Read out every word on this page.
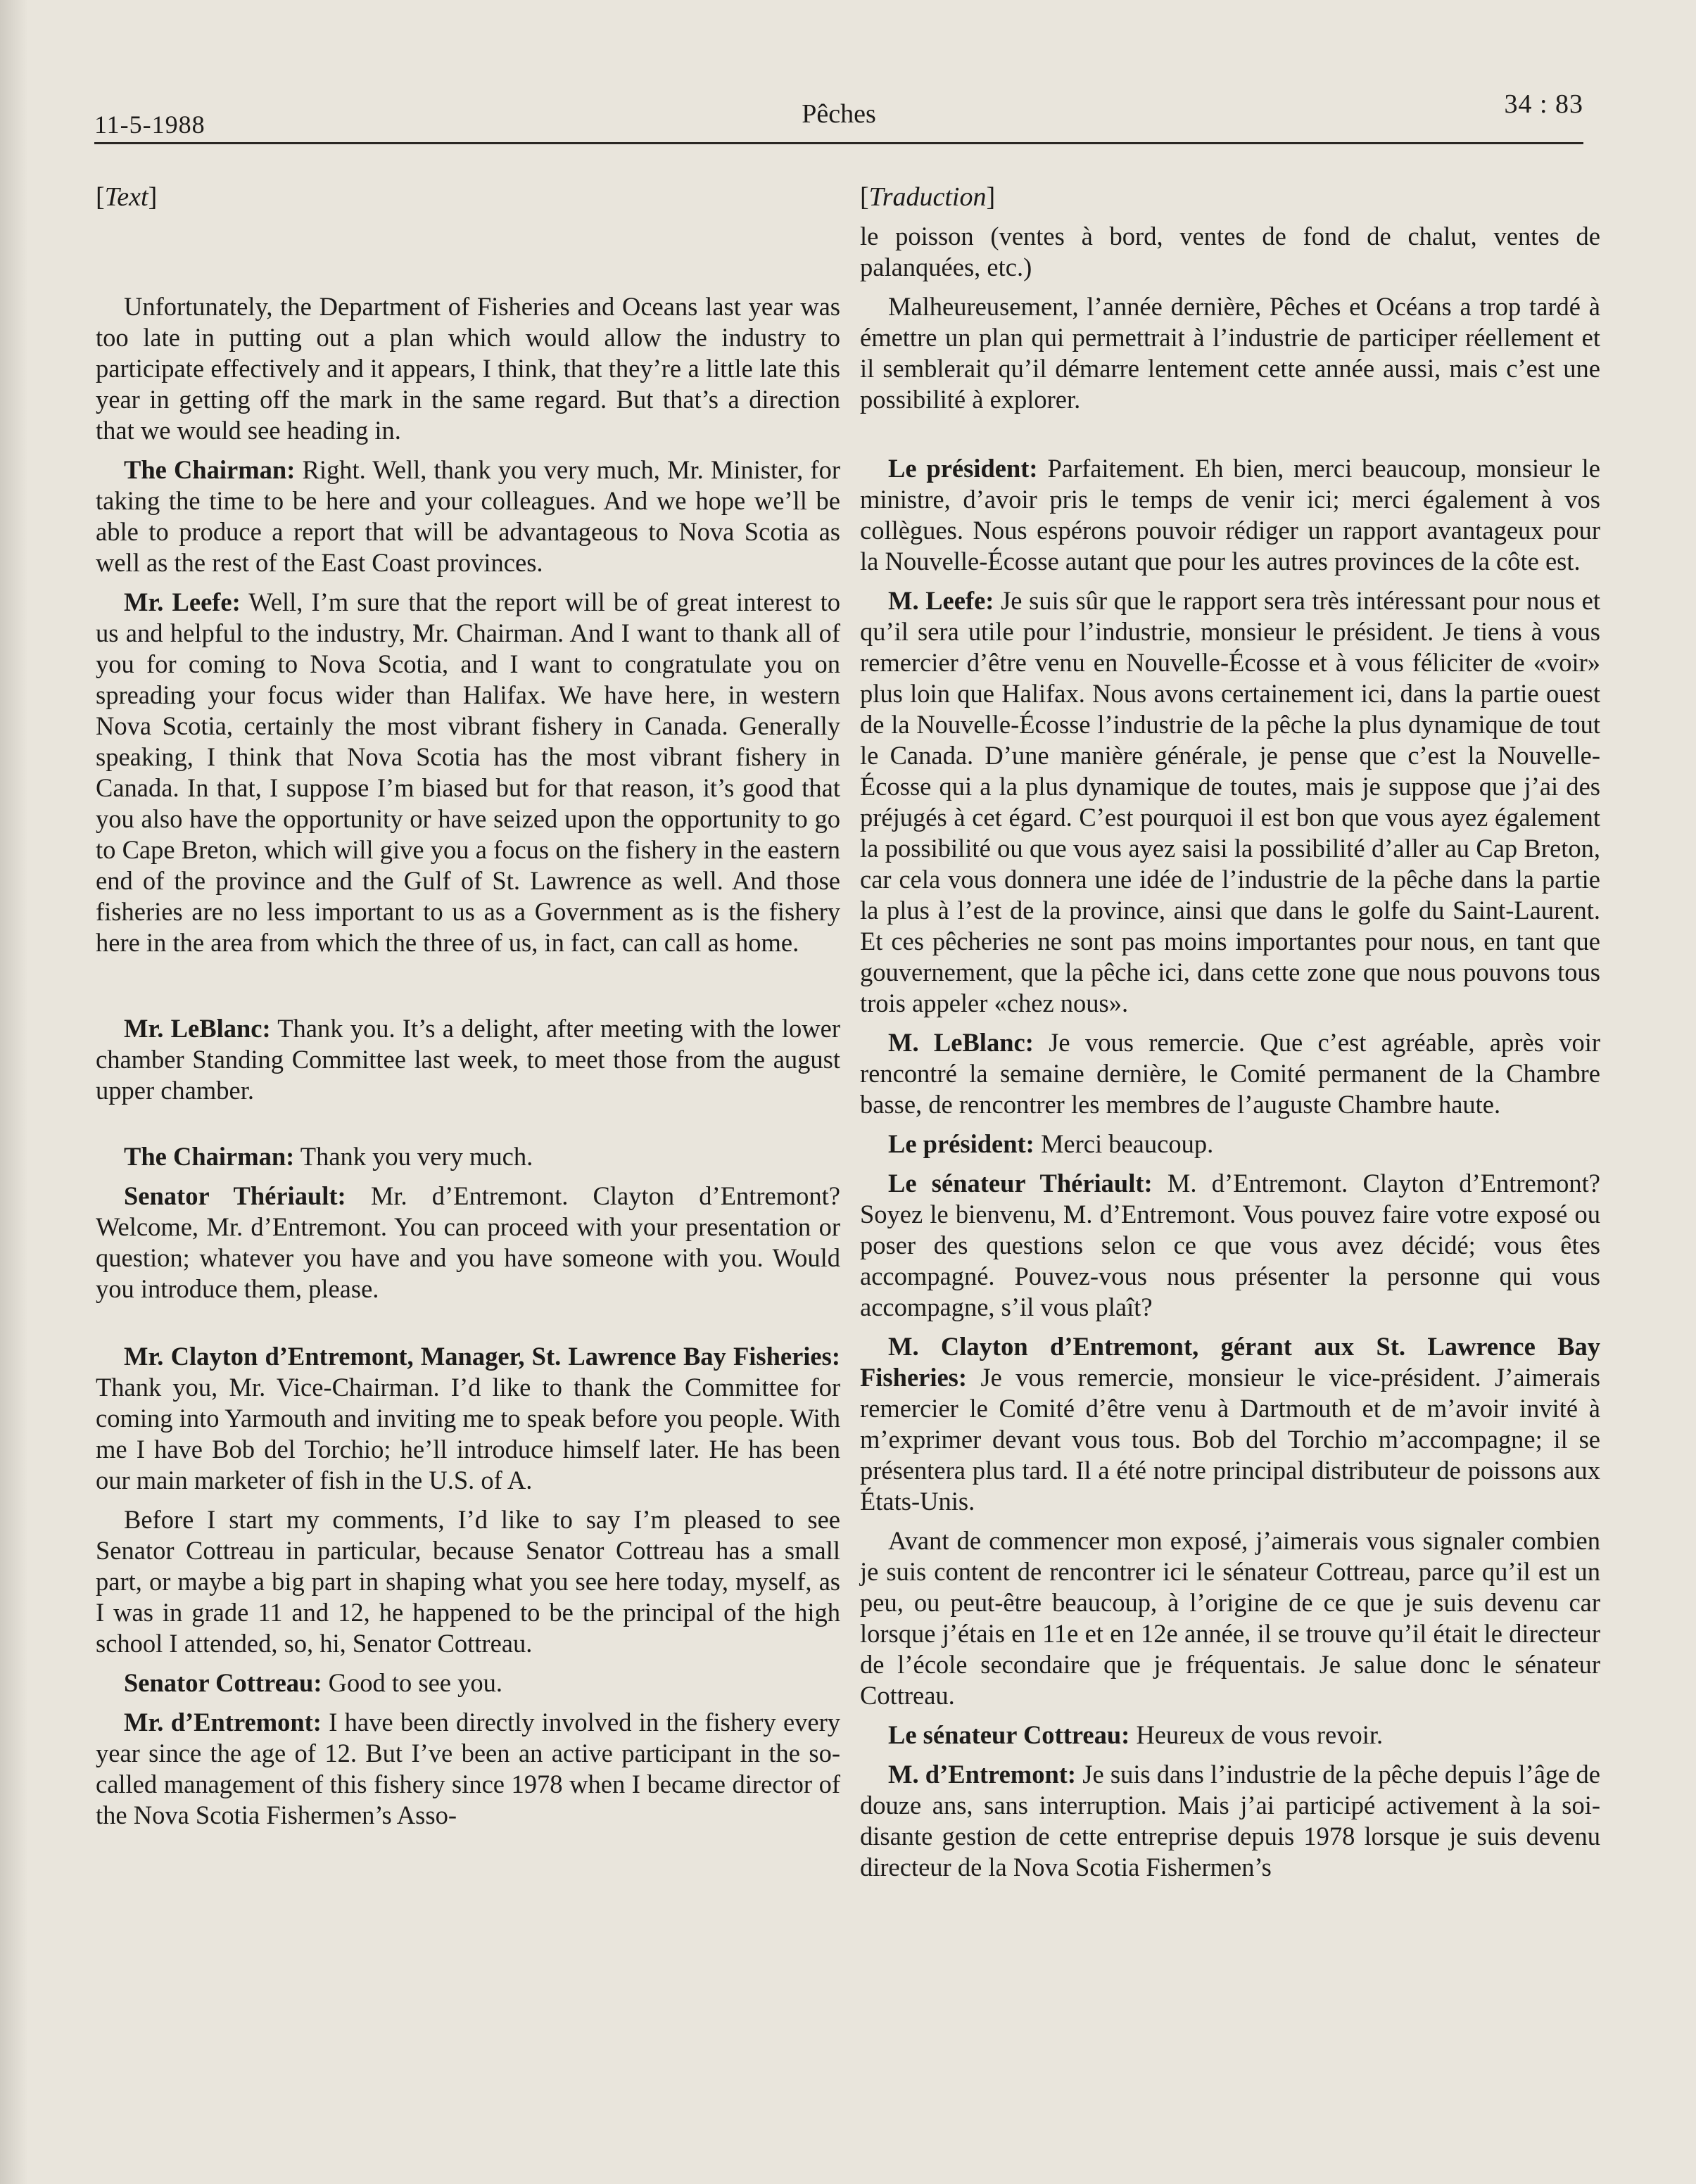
11-5-1988	Pêches	34 : 83

[Text]

Unfortunately, the Department of Fisheries and Oceans last year was too late in putting out a plan which would allow the industry to participate effectively and it appears, I think, that they’re a little late this year in getting off the mark in the same regard. But that’s a direction that we would see heading in.

The Chairman: Right. Well, thank you very much, Mr. Minister, for taking the time to be here and your colleagues. And we hope we’ll be able to produce a report that will be advantageous to Nova Scotia as well as the rest of the East Coast provinces.

Mr. Leefe: Well, I’m sure that the report will be of great interest to us and helpful to the industry, Mr. Chairman. And I want to thank all of you for coming to Nova Scotia, and I want to congratulate you on spreading your focus wider than Halifax. We have here, in western Nova Scotia, certainly the most vibrant fishery in Canada. Generally speaking, I think that Nova Scotia has the most vibrant fishery in Canada. In that, I suppose I’m biased but for that reason, it’s good that you also have the opportunity or have seized upon the opportunity to go to Cape Breton, which will give you a focus on the fishery in the eastern end of the province and the Gulf of St. Lawrence as well. And those fisheries are no less important to us as a Government as is the fishery here in the area from which the three of us, in fact, can call as home.

Mr. LeBlanc: Thank you. It’s a delight, after meeting with the lower chamber Standing Committee last week, to meet those from the august upper chamber.

The Chairman: Thank you very much.

Senator Thériault: Mr. d’Entremont. Clayton d’Entremont? Welcome, Mr. d’Entremont. You can proceed with your presentation or question; whatever you have and you have someone with you. Would you introduce them, please.

Mr. Clayton d’Entremont, Manager, St. Lawrence Bay Fisheries: Thank you, Mr. Vice-Chairman. I’d like to thank the Committee for coming into Yarmouth and inviting me to speak before you people. With me I have Bob del Torchio; he’ll introduce himself later. He has been our main marketer of fish in the U.S. of A.

Before I start my comments, I’d like to say I’m pleased to see Senator Cottreau in particular, because Senator Cottreau has a small part, or maybe a big part in shaping what you see here today, myself, as I was in grade 11 and 12, he happened to be the principal of the high school I attended, so, hi, Senator Cottreau.

Senator Cottreau: Good to see you.

Mr. d’Entremont: I have been directly involved in the fishery every year since the age of 12. But I’ve been an active participant in the so-called management of this fishery since 1978 when I became director of the Nova Scotia Fishermen’s Asso-

[Traduction]

le poisson (ventes à bord, ventes de fond de chalut, ventes de palanquées, etc.)

Malheureusement, l’année dernière, Pêches et Océans a trop tardé à émettre un plan qui permettrait à l’industrie de participer réellement et il semblerait qu’il démarre lentement cette année aussi, mais c’est une possibilité à explorer.

Le président: Parfaitement. Eh bien, merci beaucoup, monsieur le ministre, d’avoir pris le temps de venir ici; merci également à vos collègues. Nous espérons pouvoir rédiger un rapport avantageux pour la Nouvelle-Écosse autant que pour les autres provinces de la côte est.

M. Leefe: Je suis sûr que le rapport sera très intéressant pour nous et qu’il sera utile pour l’industrie, monsieur le président. Je tiens à vous remercier d’être venu en Nouvelle-Écosse et à vous féliciter de «voir» plus loin que Halifax. Nous avons certainement ici, dans la partie ouest de la Nouvelle-Écosse l’industrie de la pêche la plus dynamique de tout le Canada. D’une manière générale, je pense que c’est la Nouvelle-Écosse qui a la plus dynamique de toutes, mais je suppose que j’ai des préjugés à cet égard. C’est pourquoi il est bon que vous ayez également la possibilité ou que vous ayez saisi la possibilité d’aller au Cap Breton, car cela vous donnera une idée de l’industrie de la pêche dans la partie la plus à l’est de la province, ainsi que dans le golfe du Saint-Laurent. Et ces pêcheries ne sont pas moins importantes pour nous, en tant que gouvernement, que la pêche ici, dans cette zone que nous pouvons tous trois appeler «chez nous».

M. LeBlanc: Je vous remercie. Que c’est agréable, après voir rencontré la semaine dernière, le Comité permanent de la Chambre basse, de rencontrer les membres de l’auguste Chambre haute.

Le président: Merci beaucoup.

Le sénateur Thériault: M. d’Entremont. Clayton d’Entremont? Soyez le bienvenu, M. d’Entremont. Vous pouvez faire votre exposé ou poser des questions selon ce que vous avez décidé; vous êtes accompagné. Pouvez-vous nous présenter la personne qui vous accompagne, s’il vous plaît?

M. Clayton d’Entremont, gérant aux St. Lawrence Bay Fisheries: Je vous remercie, monsieur le vice-président. J’aimerais remercier le Comité d’être venu à Dartmouth et de m’avoir invité à m’exprimer devant vous tous. Bob del Torchio m’accompagne; il se présentera plus tard. Il a été notre principal distributeur de poissons aux États-Unis.

Avant de commencer mon exposé, j’aimerais vous signaler combien je suis content de rencontrer ici le sénateur Cottreau, parce qu’il est un peu, ou peut-être beaucoup, à l’origine de ce que je suis devenu car lorsque j’étais en 11e et en 12e année, il se trouve qu’il était le directeur de l’école secondaire que je fréquentais. Je salue donc le sénateur Cottreau.

Le sénateur Cottreau: Heureux de vous revoir.

M. d’Entremont: Je suis dans l’industrie de la pêche depuis l’âge de douze ans, sans interruption. Mais j’ai participé activement à la soi-disante gestion de cette entreprise depuis 1978 lorsque je suis devenu directeur de la Nova Scotia Fishermen’s
